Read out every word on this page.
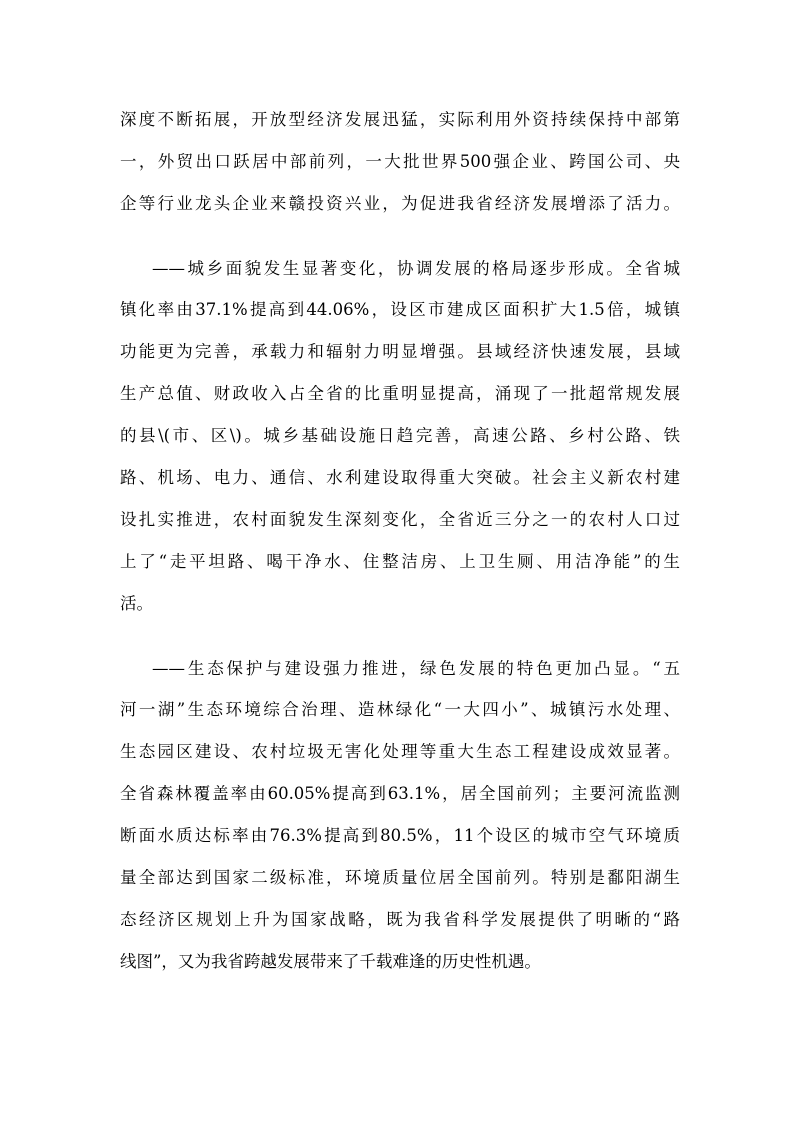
深度不断拓展，开放型经济发展迅猛，实际利用外资持续保持中部第
一，外贸出口跃居中部前列，一大批世界500强企业、跨国公司、央
企等行业龙头企业来赣投资兴业，为促进我省经济发展增添了活力。
——城乡面貌发生显著变化，协调发展的格局逐步形成。全省城
镇化率由37.1%提高到44.06%，设区市建成区面积扩大1.5倍，城镇
功能更为完善，承载力和辐射力明显增强。县域经济快速发展，县域
生产总值、财政收入占全省的比重明显提高，涌现了一批超常规发展
的县\(市、区\)。城乡基础设施日趋完善，高速公路、乡村公路、铁
路、机场、电力、通信、水利建设取得重大突破。社会主义新农村建
设扎实推进，农村面貌发生深刻变化，全省近三分之一的农村人口过
上了“走平坦路、喝干净水、住整洁房、上卫生厕、用洁净能”的生
活。
——生态保护与建设强力推进，绿色发展的特色更加凸显。“五
河一湖”生态环境综合治理、造林绿化“一大四小”、城镇污水处理、
生态园区建设、农村垃圾无害化处理等重大生态工程建设成效显著。
全省森林覆盖率由60.05%提高到63.1%，居全国前列；主要河流监测
断面水质达标率由76.3%提高到80.5%，11个设区的城市空气环境质
量全部达到国家二级标准，环境质量位居全国前列。特别是鄱阳湖生
态经济区规划上升为国家战略，既为我省科学发展提供了明晰的“路
线图”，又为我省跨越发展带来了千载难逢的历史性机遇。
